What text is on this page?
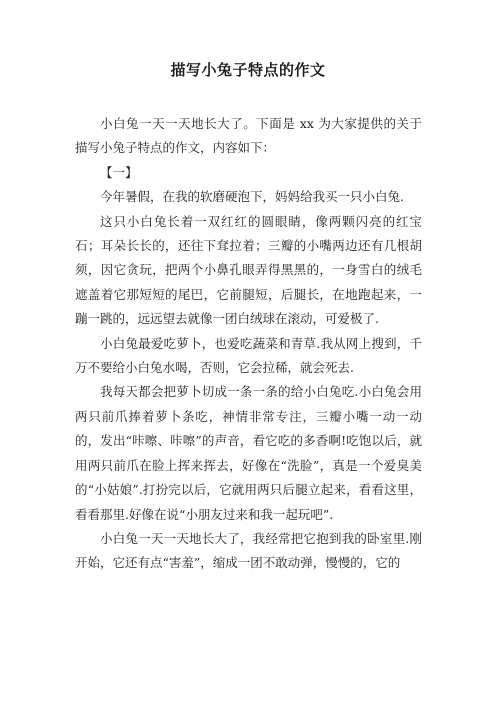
描写小兔子特点的作文

小白兔一天一天地长大了。下面是 xx 为大家提供的关于描写小兔子特点的作文，内容如下：

【一】

今年暑假，在我的软磨硬泡下，妈妈给我买一只小白兔.

这只小白兔长着一双红红的圆眼睛，像两颗闪亮的红宝石；耳朵长长的，还往下耷拉着；三瓣的小嘴两边还有几根胡须，因它贪玩，把两个小鼻孔眼弄得黑黑的，一身雪白的绒毛遮盖着它那短短的尾巴，它前腿短，后腿长，在地跑起来，一蹦一跳的，远远望去就像一团白绒球在滚动，可爱极了.

小白兔最爱吃萝卜，也爱吃蔬菜和青草.我从网上搜到，千万不要给小白兔水喝，否则，它会拉稀，就会死去.

我每天都会把萝卜切成一条一条的给小白兔吃.小白兔会用两只前爪捧着萝卜条吃，神情非常专注，三瓣小嘴一动一动的，发出“咔嚓、咔嚓”的声音，看它吃的多香啊!吃饱以后，就用两只前爪在脸上挥来挥去，好像在“洗脸”，真是一个爱臭美的“小姑娘”.打扮完以后，它就用两只后腿立起来，看看这里，看看那里.好像在说“小朋友过来和我一起玩吧”.

小白兔一天一天地长大了，我经常把它抱到我的卧室里.刚开始，它还有点“害羞”，缩成一团不敢动弹，慢慢的，它的
